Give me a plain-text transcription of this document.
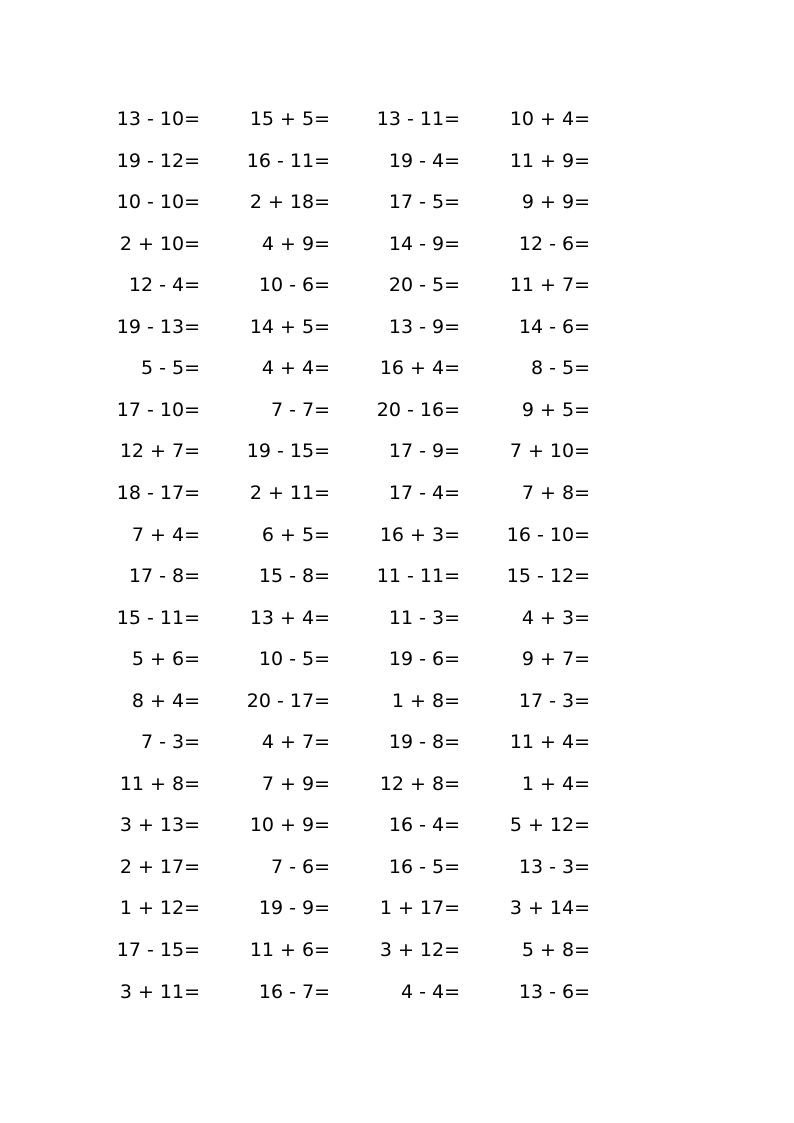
13 - 10=	15 + 5=	13 - 11=	10 + 4=
19 - 12=	16 - 11=	19 - 4=	11 + 9=
10 - 10=	2 + 18=	17 - 5=	9 + 9=
2 + 10=	4 + 9=	14 - 9=	12 - 6=
12 - 4=	10 - 6=	20 - 5=	11 + 7=
19 - 13=	14 + 5=	13 - 9=	14 - 6=
5 - 5=	4 + 4=	16 + 4=	8 - 5=
17 - 10=	7 - 7=	20 - 16=	9 + 5=
12 + 7=	19 - 15=	17 - 9=	7 + 10=
18 - 17=	2 + 11=	17 - 4=	7 + 8=
7 + 4=	6 + 5=	16 + 3=	16 - 10=
17 - 8=	15 - 8=	11 - 11=	15 - 12=
15 - 11=	13 + 4=	11 - 3=	4 + 3=
5 + 6=	10 - 5=	19 - 6=	9 + 7=
8 + 4=	20 - 17=	1 + 8=	17 - 3=
7 - 3=	4 + 7=	19 - 8=	11 + 4=
11 + 8=	7 + 9=	12 + 8=	1 + 4=
3 + 13=	10 + 9=	16 - 4=	5 + 12=
2 + 17=	7 - 6=	16 - 5=	13 - 3=
1 + 12=	19 - 9=	1 + 17=	3 + 14=
17 - 15=	11 + 6=	3 + 12=	5 + 8=
3 + 11=	16 - 7=	4 - 4=	13 - 6=
